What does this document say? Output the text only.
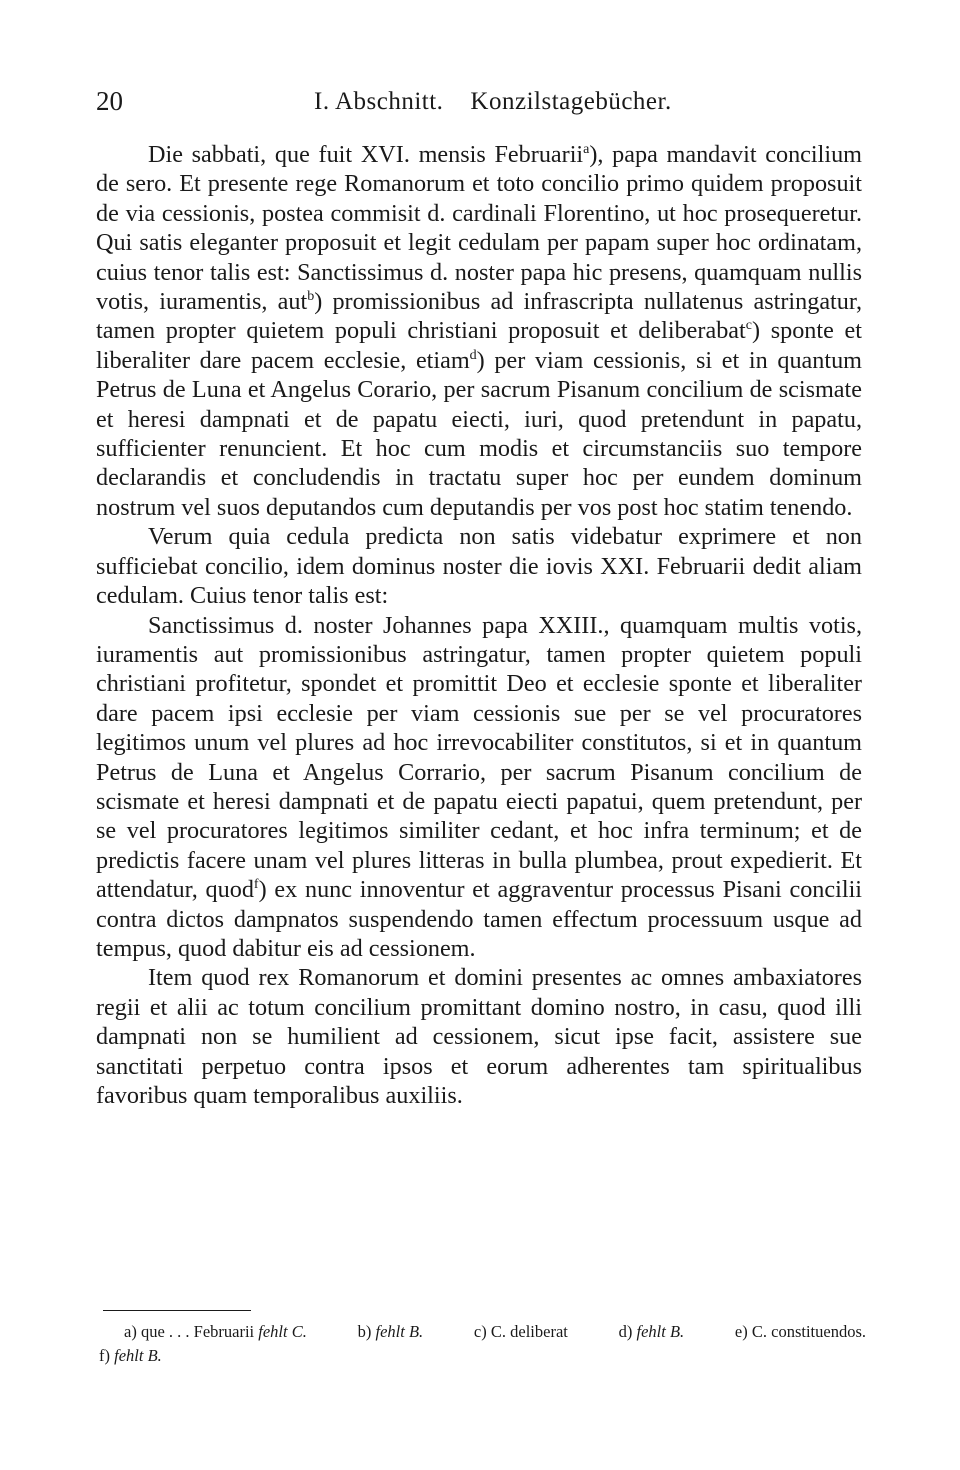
20	I. Abschnitt. Konzilstagebücher.

Die sabbati, que fuit XVI. mensis Februarii$^a$), papa mandavit concilium de sero. Et presente rege Romanorum et toto concilio primo quidem proposuit de via cessionis, postea commisit d. cardinali Florentino, ut hoc prosequeretur. Qui satis eleganter proposuit et legit cedulam per papam super hoc ordinatam, cuius tenor talis est: Sanctissimus d. noster papa hic presens, quamquam nullis votis, iuramentis, aut$^b$) promissionibus ad infrascripta nullatenus astringatur, tamen propter quietem populi christiani proposuit et deliberabat$^c$) sponte et liberaliter dare pacem ecclesie, etiam$^d$) per viam cessionis, si et in quantum Petrus de Luna et Angelus Corario, per sacrum Pisanum concilium de scismate et heresi dampnati et de papatu eiecti, iuri, quod pretendunt in papatu, sufficienter renuncient. Et hoc cum modis et circumstanciis suo tempore declarandis et concludendis in tractatu super hoc per eundem dominum nostrum vel suos deputandos cum deputandis per vos post hoc statim tenendo.

Verum quia cedula predicta non satis videbatur exprimere et non sufficiebat concilio, idem dominus noster die iovis XXI. Februarii dedit aliam cedulam. Cuius tenor talis est:

Sanctissimus d. noster Johannes papa XXIII., quamquam multis votis, iuramentis aut promissionibus astringatur, tamen propter quietem populi christiani profitetur, spondet et promittit Deo et ecclesie sponte et liberaliter dare pacem ipsi ecclesie per viam cessionis sue per se vel procuratores legitimos unum vel plures ad hoc irrevocabiliter constitutos, si et in quantum Petrus de Luna et Angelus Corrario, per sacrum Pisanum concilium de scismate et heresi dampnati et de papatu eiecti papatui, quem pretendunt, per se vel procuratores legitimos similiter cedant, et hoc infra terminum; et de predictis facere unam vel plures litteras in bulla plumbea, prout expedierit. Et attendatur, quod$^f$) ex nunc innoventur et aggraventur processus Pisani concilii contra dictos dampnatos suspendendo tamen effectum processuum usque ad tempus, quod dabitur eis ad cessionem.

Item quod rex Romanorum et domini presentes ac omnes ambaxiatores regii et alii ac totum concilium promittant domino nostro, in casu, quod illi dampnati non se humilient ad cessionem, sicut ipse facit, assistere sue sanctitati perpetuo contra ipsos et eorum adherentes tam spiritualibus favoribus quam temporalibus auxiliis.

a) que . . . Februarii fehlt C.	b) fehlt B.	c) C. deliberat	d) fehlt B.	e) C. constituendos.
f) fehlt B.
